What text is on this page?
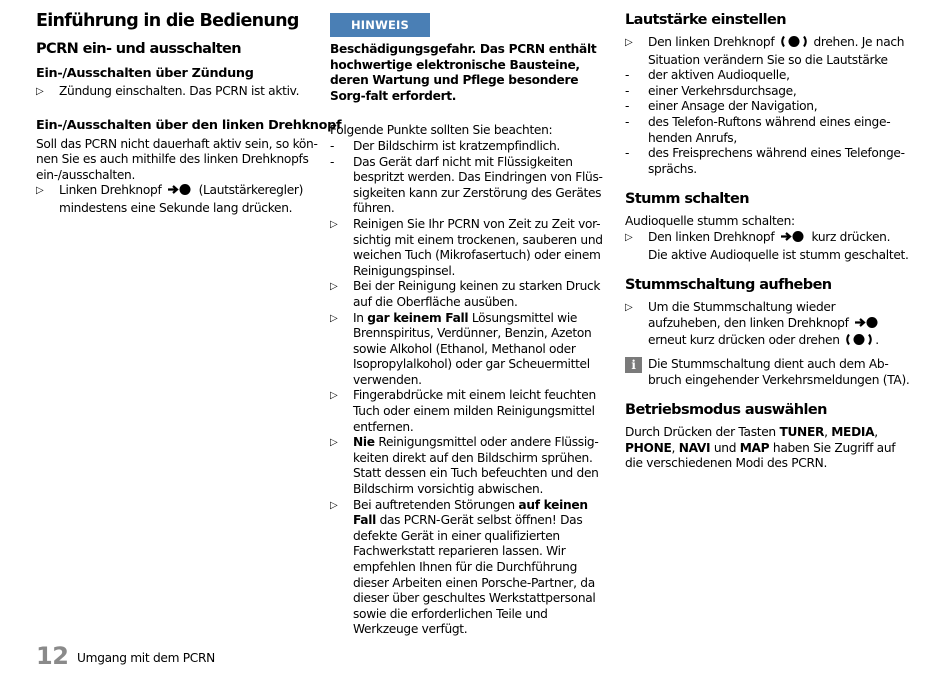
Einführung in die Bedienung
PCRN ein- und ausschalten
Ein-/Ausschalten über Zündung
▷ Zündung einschalten. Das PCRN ist aktiv.
Ein-/Ausschalten über den linken Drehknopf
Soll das PCRN nicht dauerhaft aktiv sein, so kön-nen Sie es auch mithilfe des linken Drehknopfs ein-/ausschalten.
▷ Linken Drehknopf	(Lautstärkeregler) mindestens eine Sekunde lang drücken.
HINWEIS
Beschädigungsgefahr. Das PCRN enthält hochwertige elektronische Bausteine, deren Wartung und Pflege besondere Sorg-falt erfordert.
Folgende Punkte sollten Sie beachten:
- Der Bildschirm ist kratzempfindlich.
- Das Gerät darf nicht mit Flüssigkeiten bespritzt werden. Das Eindringen von Flüs-sigkeiten kann zur Zerstörung des Gerätes führen.
▷ Reinigen Sie Ihr PCRN von Zeit zu Zeit vor-sichtig mit einem trockenen, sauberen und weichen Tuch (Mikrofasertuch) oder einem Reinigungspinsel.
▷ Bei der Reinigung keinen zu starken Druck auf die Oberfläche ausüben.
▷ In gar keinem Fall Lösungsmittel wie Brennspiritus, Verdünner, Benzin, Azeton sowie Alkohol (Ethanol, Methanol oder Isopropylalkohol) oder gar Scheuermittel verwenden.
▷ Fingerabdrücke mit einem leicht feuchten Tuch oder einem milden Reinigungsmittel entfernen.
▷ Nie Reinigungsmittel oder andere Flüssig-keiten direkt auf den Bildschirm sprühen. Statt dessen ein Tuch befeuchten und den Bildschirm vorsichtig abwischen.
▷ Bei auftretenden Störungen auf keinen Fall das PCRN-Gerät selbst öffnen! Das defekte Gerät in einer qualifizierten Fachwerkstatt reparieren lassen. Wir empfehlen Ihnen für die Durchführung dieser Arbeiten einen Porsche-Partner, da dieser über geschultes Werkstattpersonal sowie die erforderlichen Teile und Werkzeuge verfügt.
Lautstärke einstellen
▷ Den linken Drehknopf	drehen. Je nach Situation verändern Sie so die Lautstärke
- der aktiven Audioquelle,
- einer Verkehrsdurchsage,
- einer Ansage der Navigation,
- des Telefon-Ruftons während eines einge-henden Anrufs,
- des Freisprechens während eines Telefonge-sprächs.
Stumm schalten
Audioquelle stumm schalten:
▷ Den linken Drehknopf	kurz drücken.
Die aktive Audioquelle ist stumm geschaltet.
Stummschaltung aufheben
▷ Um die Stummschaltung wieder aufzuheben, den linken Drehknopf  erneut kurz drücken oder drehen	.
i	Die Stummschaltung dient auch dem Ab-bruch eingehender Verkehrsmeldungen (TA).
Betriebsmodus auswählen
Durch Drücken der Tasten TUNER, MEDIA, PHONE, NAVI und MAP haben Sie Zugriff auf die verschiedenen Modi des PCRN.
12 Umgang mit dem PCRN
